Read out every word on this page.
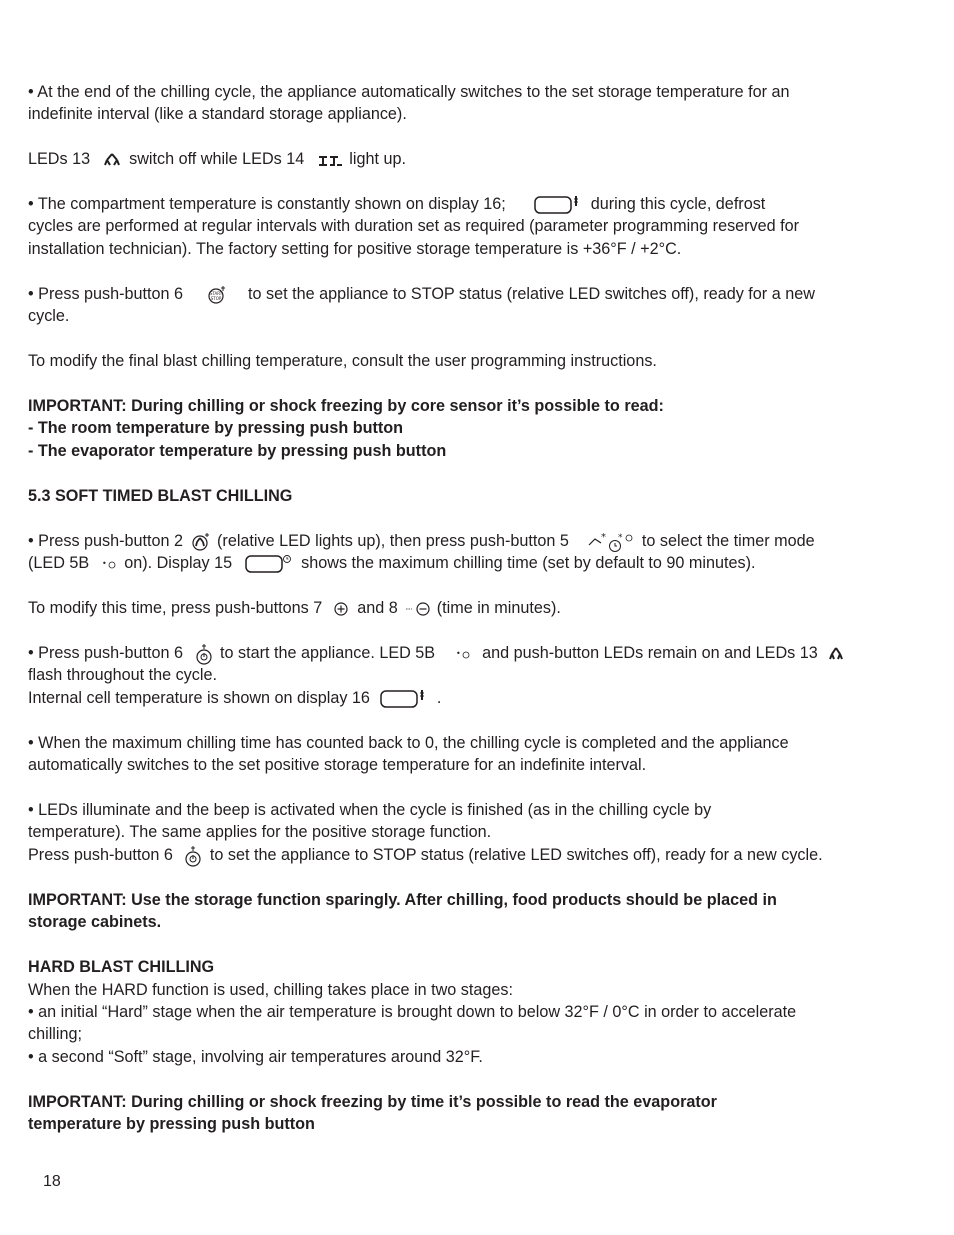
• At the end of the chilling cycle, the appliance automatically switches to the set storage temperature for an
indefinite interval (like a standard storage appliance).
LEDs 13 switch off while LEDs 14	light up.
• The compartment temperature is constantly shown on display 16;	during this cycle, defrost
cycles are performed at regular intervals with duration set as required (parameter programming reserved for
installation technician). The factory setting for positive storage temperature is +36°F / +2°C.
• Press push-button 6	START
STOP to set the appliance to STOP status (relative LED switches off), ready for a new
cycle.
To modify the final blast chilling temperature, consult the user programming instructions.
IMPORTANT: During chilling or shock freezing by core sensor it’s possible to read:
- The room temperature by pressing push button
- The evaporator temperature by pressing push button
5.3 SOFT TIMED BLAST CHILLING
• Press push-button 2 (relative LED lights up), then press push-button 5	* * to select the timer mode
(LED 5B • on). Display 15	shows the maximum chilling time (set by default to 90 minutes).
To modify this time, press push-buttons 7 and 8 (time in minutes).
• Press push-button 6 to start the appliance. LED 5B	• and push-button LEDs remain on and LEDs 13
flash throughout the cycle.
Internal cell temperature is shown on display 16	.
• When the maximum chilling time has counted back to 0, the chilling cycle is completed and the appliance
automatically switches to the set positive storage temperature for an indefinite interval.
• LEDs illuminate and the beep is activated when the cycle is finished (as in the chilling cycle by
temperature). The same applies for the positive storage function.
Press push-button 6 to set the appliance to STOP status (relative LED switches off), ready for a new cycle.
IMPORTANT: Use the storage function sparingly. After chilling, food products should be placed in
storage cabinets.
HARD BLAST CHILLING
When the HARD function is used, chilling takes place in two stages:
• an initial “Hard” stage when the air temperature is brought down to below 32°F / 0°C in order to accelerate
chilling;
• a second “Soft” stage, involving air temperatures around 32°F.
IMPORTANT: During chilling or shock freezing by time it’s possible to read the evaporator
temperature by pressing push button
18
